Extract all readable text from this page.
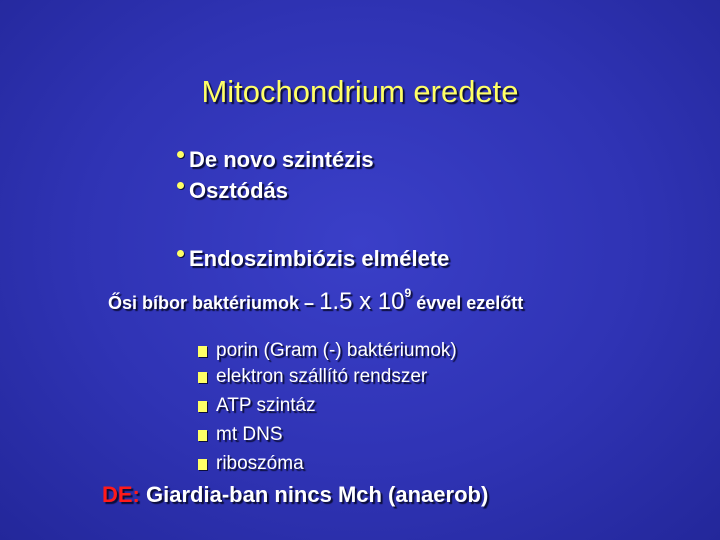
Mitochondrium eredete
De novo szintézis
Osztódás
Endoszimbiózis elmélete
Ősi bíbor baktériumok – 1.5 x $10^9$ évvel ezelőtt
porin (Gram (-) baktériumok)
elektron szállító rendszer
ATP szintáz
mt DNS
riboszóma
DE: Giardia-ban nincs Mch (anaerob)
